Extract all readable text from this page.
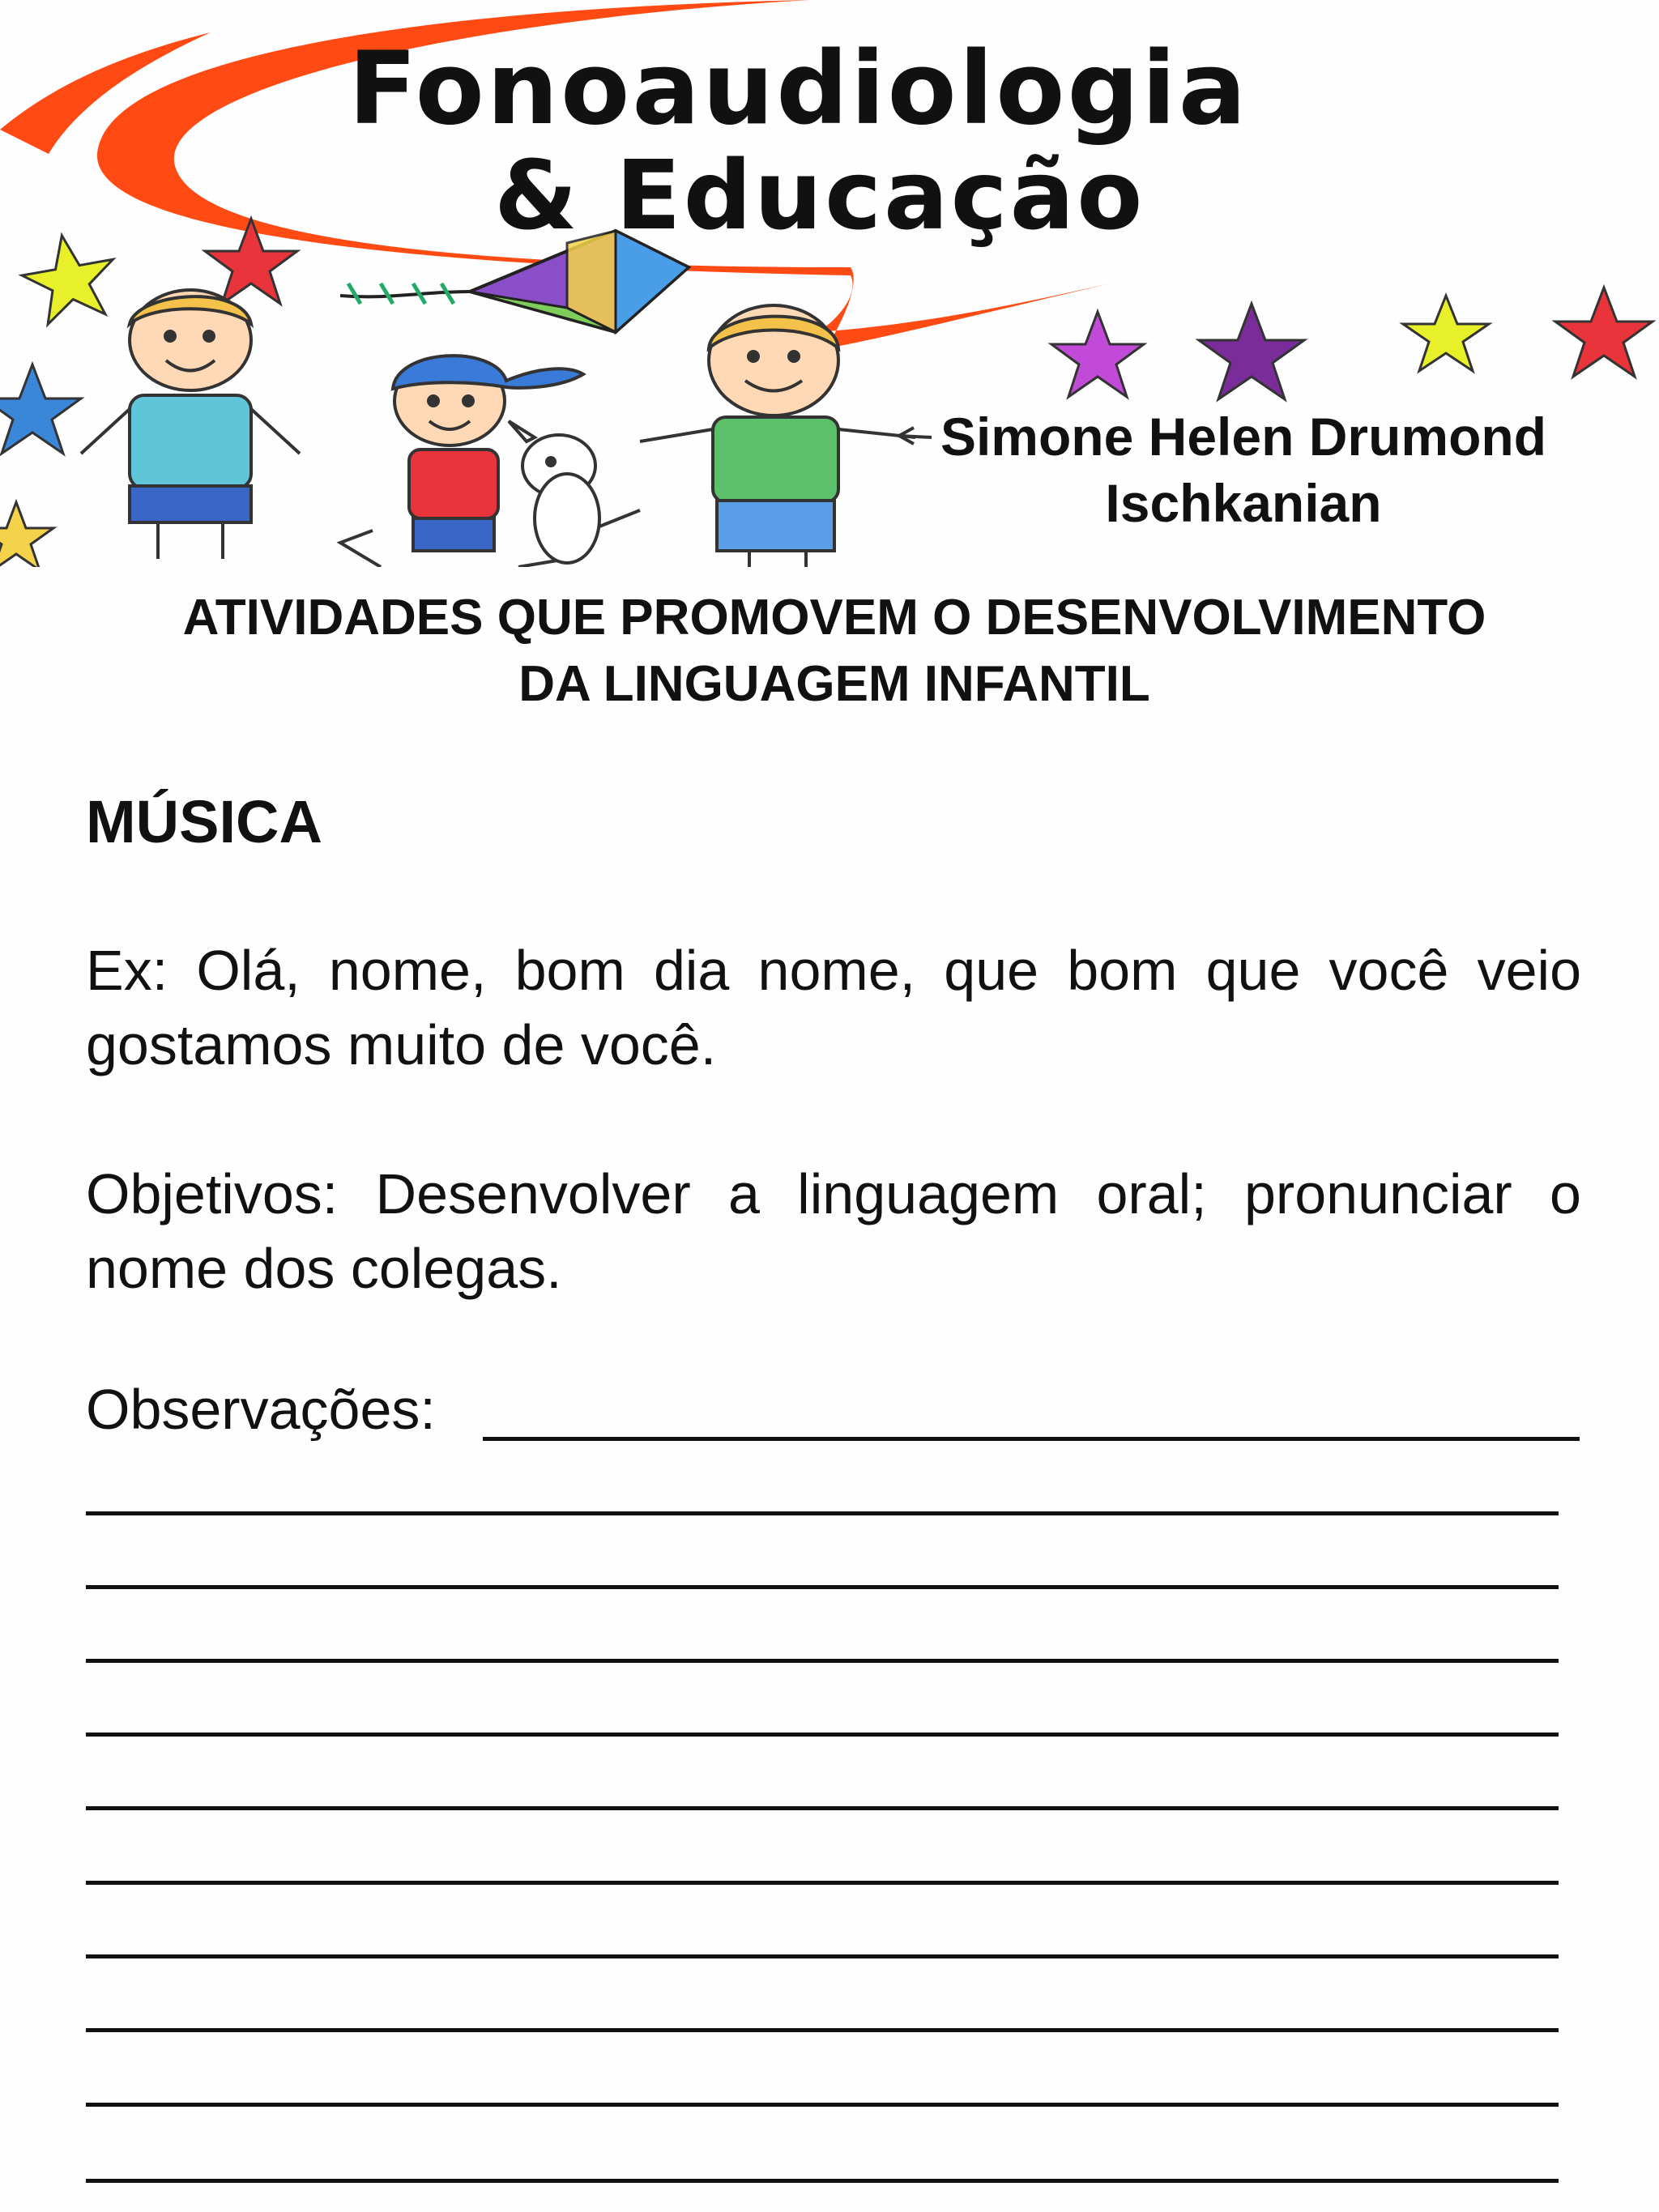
Fonoaudiologia
& Educação
Simone Helen Drumond
Ischkanian
ATIVIDADES QUE PROMOVEM O DESENVOLVIMENTO
DA LINGUAGEM INFANTIL
MÚSICA

Ex: Olá, nome, bom dia nome, que bom que você veio gostamos muito de você.

Objetivos: Desenvolver a linguagem oral; pronunciar o nome dos colegas.

Observações:
